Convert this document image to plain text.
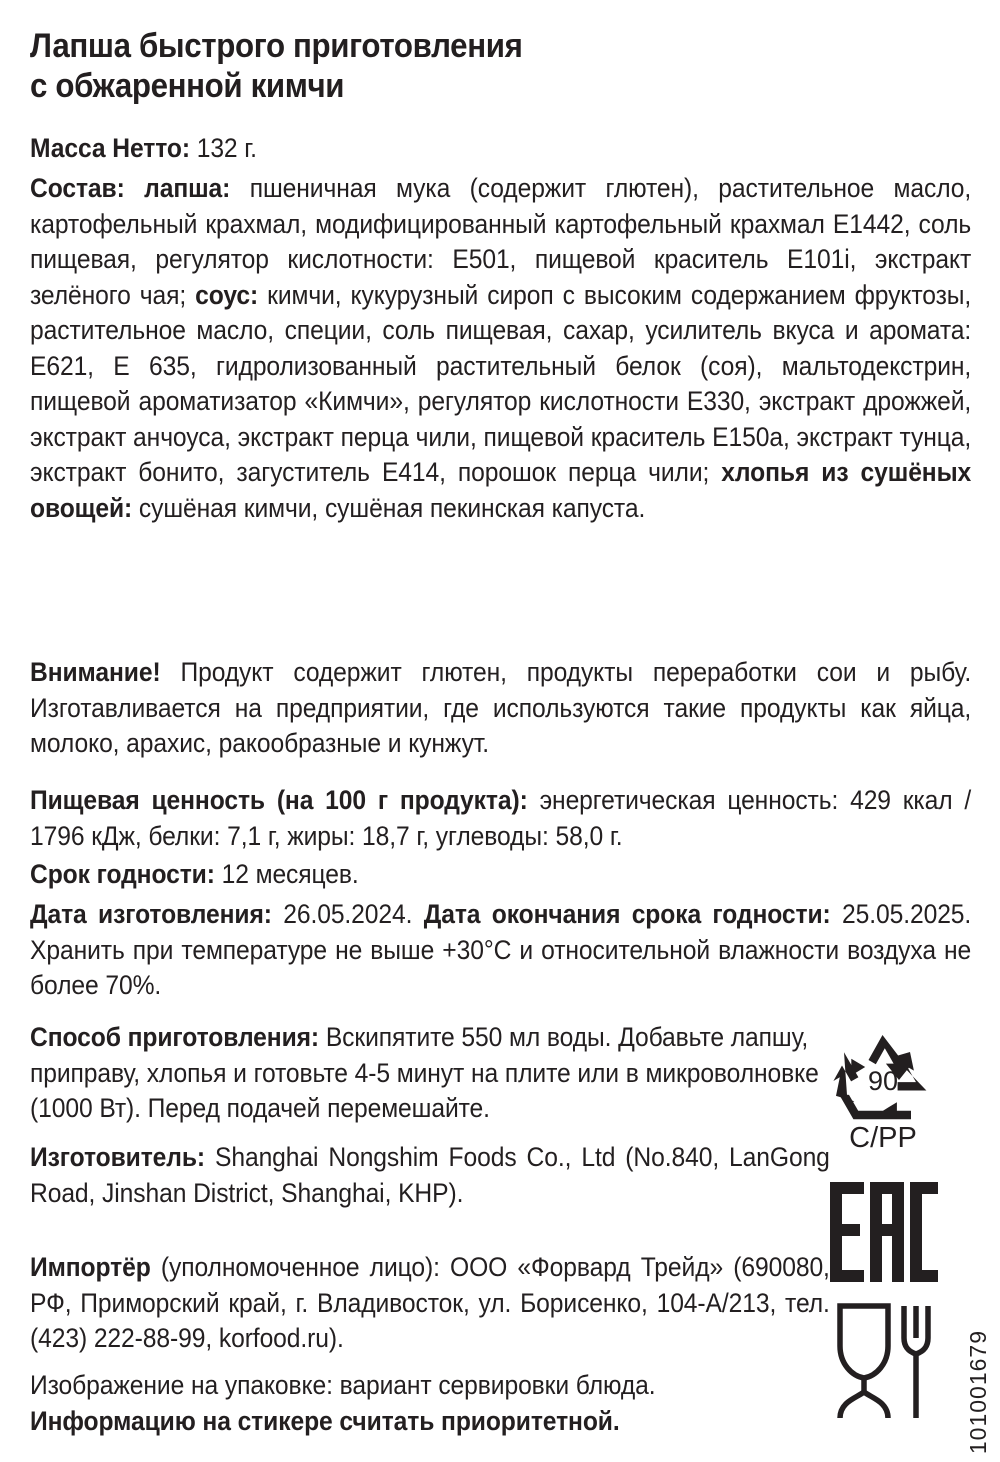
Лапша быстрого приготовления
с обжаренной кимчи
Масса Нетто: 132 г.
Состав: лапша: пшеничная мука (содержит глютен), растительное масло, картофельный крахмал, модифицированный картофельный крахмал Е1442, соль пищевая, регулятор кислотности: Е501, пищевой краситель Е101i, экстракт зелёного чая; соус: кимчи, кукурузный сироп с высоким содержанием фруктозы, растительное масло, специи, соль пищевая, сахар, усилитель вкуса и аромата: Е621, Е 635, гидролизованный растительный белок (соя), мальтодекстрин, пищевой ароматизатор «Кимчи», регулятор кислотности Е330, экстракт дрожжей, экстракт анчоуса, экстракт перца чили, пищевой краситель Е150а, экстракт тунца, экстракт бонито, загуститель Е414, порошок перца чили; хлопья из сушёных овощей: сушёная кимчи, сушёная пекинская капуста.
Внимание! Продукт содержит глютен, продукты переработки сои и рыбу. Изготавливается на предприятии, где используются такие продукты как яйца, молоко, арахис, ракообразные и кунжут.
Пищевая ценность (на 100 г продукта): энергетическая ценность: 429 ккал / 1796 кДж, белки: 7,1 г, жиры: 18,7 г, углеводы: 58,0 г.
Срок годности: 12 месяцев.
Дата изготовления: 26.05.2024. Дата окончания срока годности: 25.05.2025. Хранить при температуре не выше +30°C и относительной влажности воздуха не более 70%.
Способ приготовления: Вскипятите 550 мл воды. Добавьте лапшу, приправу, хлопья и готовьте 4-5 минут на плите или в микроволновке (1000 Вт). Перед подачей перемешайте.
Изготовитель: Shanghai Nongshim Foods Co., Ltd (No.840, LanGong Road, Jinshan District, Shanghai, KHP).
Импортёр (уполномоченное лицо): ООО «Форвард Трейд» (690080, РФ, Приморский край, г. Владивосток, ул. Борисенко, 104-А/213, тел. (423) 222-88-99, korfood.ru).
Изображение на упаковке: вариант сервировки блюда.
Информацию на стикере считать приоритетной.
C/PP
90
101001679
